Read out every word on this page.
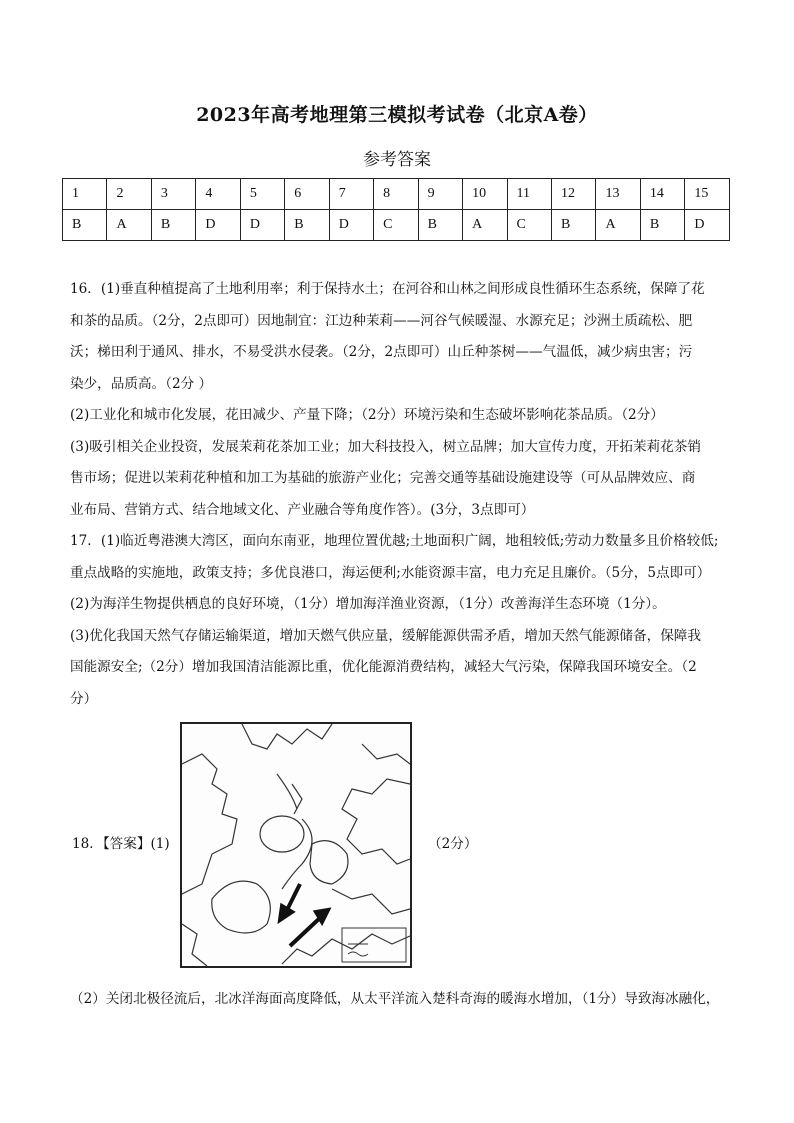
2023年高考地理第三模拟考试卷（北京A卷）
参考答案
1	2	3	4	5	6	7	8	9	10	11	12	13	14	15
B	A	B	D	D	B	D	C	B	A	C	B	A	B	D
16．(1)垂直种植提高了土地利用率；利于保持水土；在河谷和山林之间形成良性循环生态系统，保障了花
和茶的品质。（2分，2点即可）因地制宜：江边种茉莉——河谷气候暖湿、水源充足；沙洲土质疏松、肥
沃；梯田利于通风、排水，不易受洪水侵袭。（2分，2点即可）山丘种茶树——气温低，减少病虫害；污
染少，品质高。（2分 ）
(2)工业化和城市化发展，花田减少、产量下降；（2分）环境污染和生态破坏影响花茶品质。（2分）
(3)吸引相关企业投资，发展茉莉花茶加工业；加大科技投入，树立品牌；加大宣传力度，开拓茉莉花茶销
售市场；促进以茉莉花种植和加工为基础的旅游产业化；完善交通等基础设施建设等（可从品牌效应、商
业布局、营销方式、结合地域文化、产业融合等角度作答）。(3分，3点即可）
17．(1)临近粤港澳大湾区，面向东南亚，地理位置优越;土地面积广阔，地租较低;劳动力数量多且价格较低;
重点战略的实施地，政策支持；多优良港口，海运便利;水能资源丰富，电力充足且廉价。（5分，5点即可）
(2)为海洋生物提供栖息的良好环境，（1分）增加海洋渔业资源，（1分）改善海洋生态环境（1分）。
(3)优化我国天然气存储运输渠道，增加天燃气供应量，缓解能源供需矛盾，增加天然气能源储备，保障我
国能源安全;（2分）增加我国清洁能源比重，优化能源消费结构，减轻大气污染，保障我国环境安全。（2
分）
18．【答案】(1)	（2分）
（2）关闭北极径流后，北冰洋海面高度降低，从太平洋流入楚科奇海的暖海水增加，（1分）导致海冰融化，
